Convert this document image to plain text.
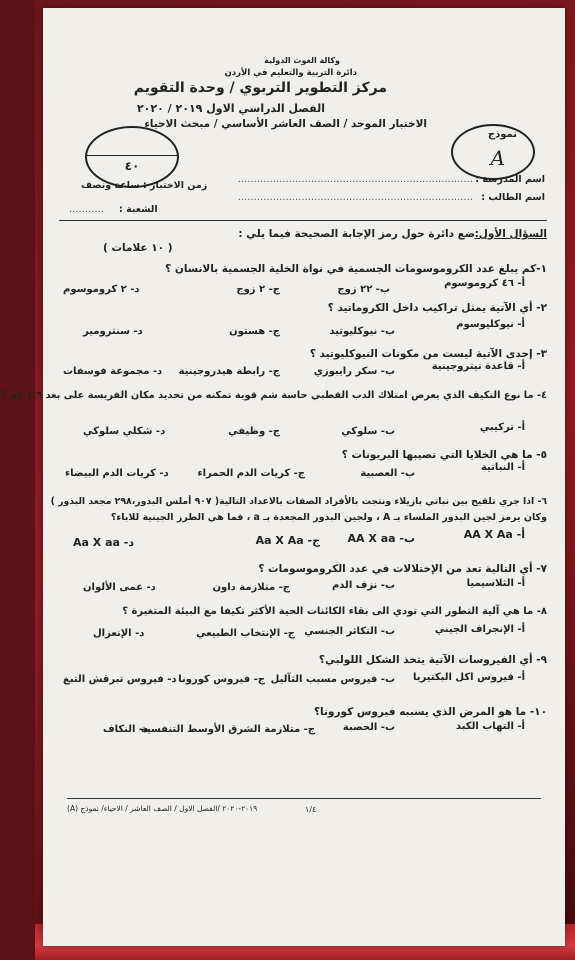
وكالة الغوث الدولية
دائرة التربية والتعليم في الأردن
مركز التطوير التربوي / وحدة التقويم
الفصل الدراسي الاول ٢٠١٩ / ٢٠٢٠
الاختبار الموحد / الصف العاشر الأساسي / مبحث الاحياء
نموذج
A
٤٠
اسم المدرسة :
..........................................................................
اسم الطالب :
..........................................................................
زمن الاختبار : ساعة ونصف
الشعبة :
...........
السؤال الأول:
ضع دائرة حول رمز الإجابة الصحيحة فيما يلي :
( ١٠ علامات )
١-كم يبلغ عدد الكروموسومات الجسمية في نواة الخلية الجسمية بالانسان ؟
أ- ٤٦ كروموسوم
ب- ٢٢ زوج
ج- ٢ زوج
د- ٢ كروموسوم
٢- أي الآتية يمثل تراكيب داخل الكروماتيد ؟
أ- نيوكليوسوم
ب- نيوكليوتيد
ج- هستون
د- سنترومير
٣- إحدى الآتية ليست من مكونات النيوكليوتيد ؟
أ- قاعدة نيتروجينية
ب- سكر رايبوزي
ج- رابطة هيدروجينية
د- مجموعة فوسفات
٤- ما نوع التكيف الذي يعرض امتلاك الدب القطبي حاسة شم قوية تمكنه من تحديد مكان الفريسة على بعد ١,٦ كم ؟
أ- تركيبي
ب- سلوكي
ج- وظيفي
د- شكلي سلوكي
٥- ما هي الخلايا التي تصيبها البريونات ؟
أ- النباتية
ب- العصبية
ج- كريات الدم الحمراء
د- كريات الدم البيضاء
٦- اذا جري تلقيح بين نباتي بازيلاء ونتجت بالأفراد الصفات بالاعداد التالية( ٩٠٧ أملس البذور،٢٩٨ مجعد البذور )
وكان يرمز لجين البذور الملساء بـ A ، ولجين البذور المجعدة بـ a ، فما هي الطرز الجينية للاباء؟
أ- AA X Aa
ب- AA X aa
ج- Aa X Aa
د- Aa X aa
٧- أي التالية تعد من الإختلالات في عدد الكروموسومات ؟
أ- الثلاسيميا
ب- نزف الدم
ج- متلازمة داون
د- عمى الألوان
٨- ما هي آلية التطور التي تودي الى بقاء الكائنات الحية الأكثر تكيفا مع البيئة المتغيرة ؟
أ- الإنجراف الجيني
ب- التكاثر الجنسي
ج- الإنتخاب الطبيعي
د- الإنعزال
٩- أي الفيروسات الآتية يتخذ الشكل اللولبي؟
أ- فيروس اكل البكتيريا
ب- فيروس مسبب الثآليل
ج- فيروس كورونا
د- فيروس تبرقش التبغ
١٠- ما هو المرض الذي يسببه فيروس كورونا؟
أ- التهاب الكبد
ب- الحصبة
ج- متلازمة الشرق الأوسط التنفسية
د- النكاف
١/٤
٢٠١٩-٢٠٢٠ /الفصل الاول / الصف العاشر / الاحياء/ نموذج (A)
